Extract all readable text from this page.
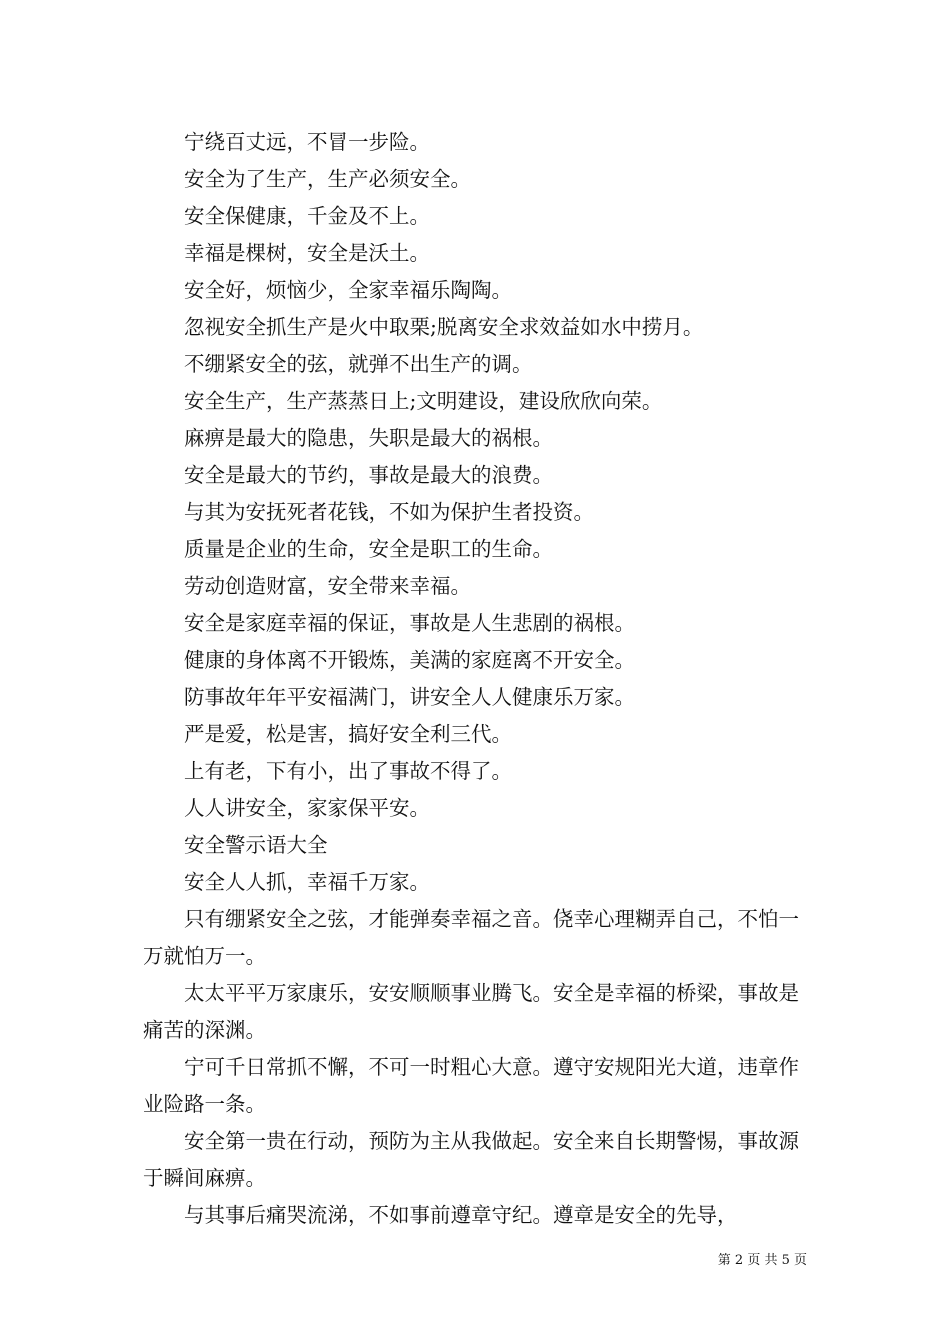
宁绕百丈远，不冒一步险。

安全为了生产，生产必须安全。

安全保健康，千金及不上。

幸福是棵树，安全是沃土。

安全好，烦恼少，全家幸福乐陶陶。

忽视安全抓生产是火中取栗;脱离安全求效益如水中捞月。

不绷紧安全的弦，就弹不出生产的调。

安全生产，生产蒸蒸日上;文明建设，建设欣欣向荣。

麻痹是最大的隐患，失职是最大的祸根。

安全是最大的节约，事故是最大的浪费。

与其为安抚死者花钱，不如为保护生者投资。

质量是企业的生命，安全是职工的生命。

劳动创造财富，安全带来幸福。

安全是家庭幸福的保证，事故是人生悲剧的祸根。

健康的身体离不开锻炼，美满的家庭离不开安全。

防事故年年平安福满门，讲安全人人健康乐万家。

严是爱，松是害，搞好安全利三代。

上有老，下有小，出了事故不得了。

人人讲安全，家家保平安。

安全警示语大全

安全人人抓，幸福千万家。

只有绷紧安全之弦，才能弹奏幸福之音。侥幸心理糊弄自己，不怕一万就怕万一。

太太平平万家康乐，安安顺顺事业腾飞。安全是幸福的桥梁，事故是痛苦的深渊。

宁可千日常抓不懈，不可一时粗心大意。遵守安规阳光大道，违章作业险路一条。

安全第一贵在行动，预防为主从我做起。安全来自长期警惕，事故源于瞬间麻痹。

与其事后痛哭流涕，不如事前遵章守纪。遵章是安全的先导，

第 2 页 共 5 页
